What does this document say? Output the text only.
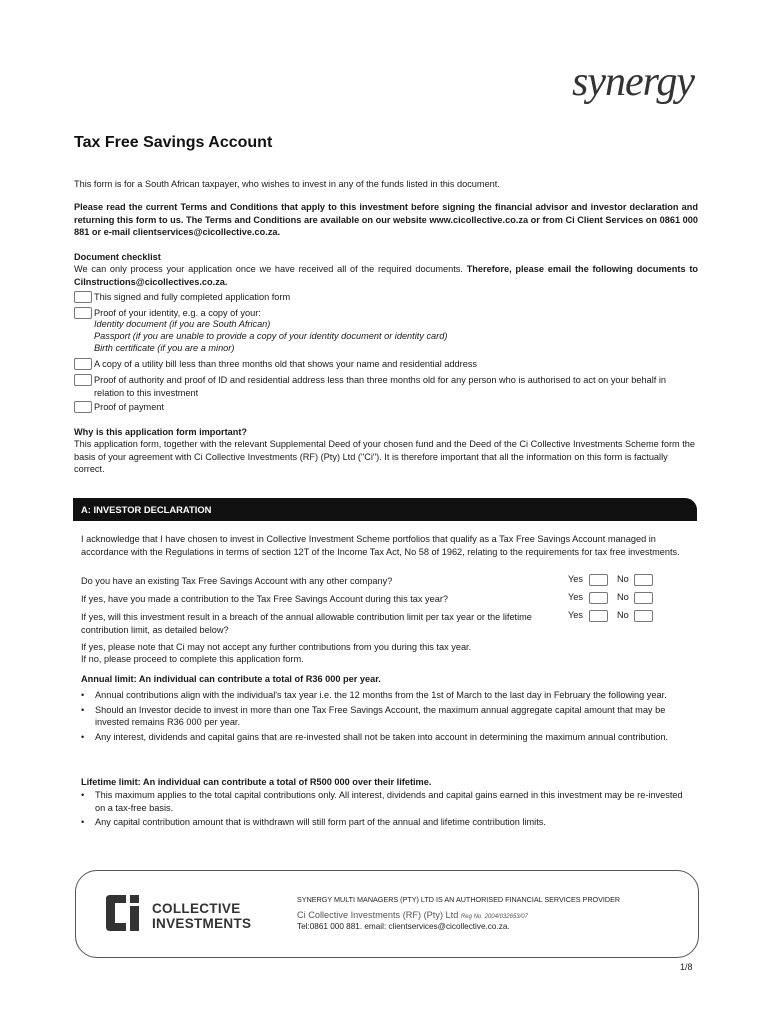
synergy
Tax Free Savings Account
This form is for a South African taxpayer, who wishes to invest in any of the funds listed in this document.
Please read the current Terms and Conditions that apply to this investment before signing the financial advisor and investor declaration and returning this form to us. The Terms and Conditions are available on our website www.cicollective.co.za or from Ci Client Services on 0861 000 881 or e-mail clientservices@cicollective.co.za.
Document checklist
We can only process your application once we have received all of the required documents. Therefore, please email the following documents to CiInstructions@cicollectives.co.za.
This signed and fully completed application form
Proof of your identity, e.g. a copy of your:
Identity document (if you are South African)
Passport (if you are unable to provide a copy of your identity document or identity card)
Birth certificate (if you are a minor)
A copy of a utility bill less than three months old that shows your name and residential address
Proof of authority and proof of ID and residential address less than three months old for any person who is authorised to act on your behalf in relation to this investment
Proof of payment
Why is this application form important?
This application form, together with the relevant Supplemental Deed of your chosen fund and the Deed of the Ci Collective Investments Scheme form the basis of your agreement with Ci Collective Investments (RF) (Pty) Ltd ("Ci"). It is therefore important that all the information on this form is factually correct.
A: INVESTOR DECLARATION
I acknowledge that I have chosen to invest in Collective Investment Scheme portfolios that qualify as a Tax Free Savings Account managed in accordance with the Regulations in terms of section 12T of the Income Tax Act, No 58 of 1962, relating to the requirements for tax free investments.
Do you have an existing Tax Free Savings Account with any other company?	Yes	No
If yes, have you made a contribution to the Tax Free Savings Account during this tax year?	Yes	No
If yes, will this investment result in a breach of the annual allowable contribution limit per tax year or the lifetime contribution limit, as detailed below?
Yes	No
If yes, please note that Ci may not accept any further contributions from you during this tax year.
If no, please proceed to complete this application form.
Annual limit: An individual can contribute a total of R36 000 per year.
• Annual contributions align with the individual's tax year i.e. the 12 months from the 1st of March to the last day in February the following year.
• Should an Investor decide to invest in more than one Tax Free Savings Account, the maximum annual aggregate capital amount that may be invested remains R36 000 per year.
• Any interest, dividends and capital gains that are re-invested shall not be taken into account in determining the maximum annual contribution.
Lifetime limit: An individual can contribute a total of R500 000 over their lifetime.
• This maximum applies to the total capital contributions only. All interest, dividends and capital gains earned in this investment may be re-invested on a tax-free basis.
• Any capital contribution amount that is withdrawn will still form part of the annual and lifetime contribution limits.
COLLECTIVE
INVESTMENTS
SYNERGY MULTI MANAGERS (PTY) LTD IS AN AUTHORISED FINANCIAL SERVICES PROVIDER
Ci Collective Investments (RF) (Pty) Ltd Reg No. 2004/032653/07
Tel:0861 000 881. email: clientservices@cicollective.co.za.
1/8
